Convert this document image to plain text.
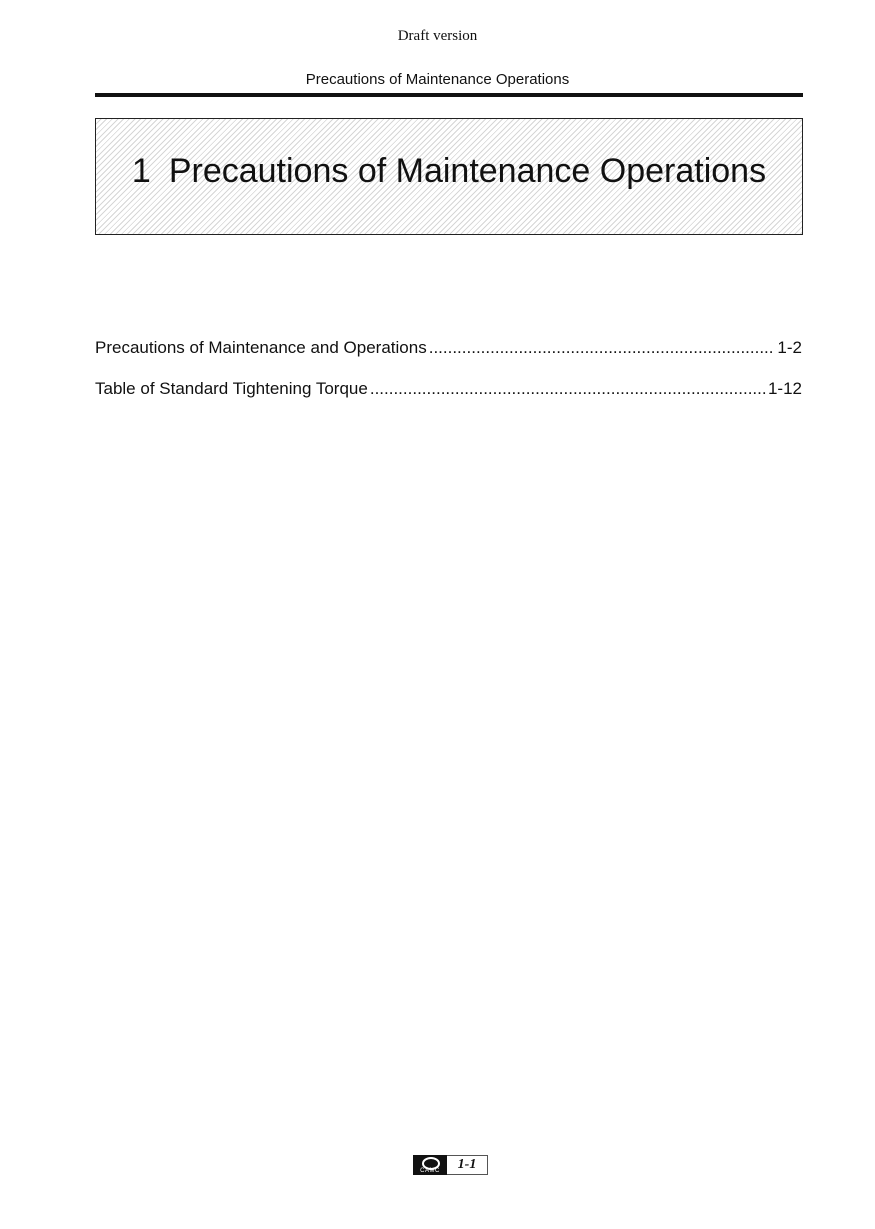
Draft version
Precautions of Maintenance Operations
1 Precautions of Maintenance Operations
Precautions of Maintenance and Operations .....	1-2
Table of Standard Tightening Torque .....	1-12
CAMC	1-1
